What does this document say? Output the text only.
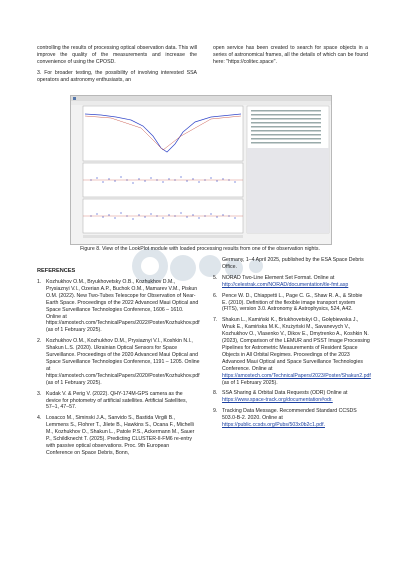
controlling the results of processing optical observation data. This will improve the quality of the measurements and increase the convenience of using the CPOSD.

3. For broader testing, the possibility of involving interested SSA operators and astronomy enthusiasts, an

open service has been created to search for space objects in a series of astronomical frames, all the details of which can be found here: "https://colitec.space".

Figure 8. View of the LookPlot module with loaded processing results from one of the observation nights.
REFERENCES
1. Kozhukhov O.M., Bryukhovetsky O.B., Kozhukhov D.M., Prysiaznyi V.I., Ozerian A.P., Buchok O.M., Mamarev V.M., Piskun O.M. (2022). New Two-Tubes Telescope for Observation of Near-Earth Space. Proceedings of the 2022 Advanced Maui Optical and Space Surveillance Technologies Conference, 1606 – 1610. Online at https://amostech.com/TechnicalPapers/2022/Poster/Kozhukhov.pdf (as of 1 February 2025).
2. Kozhukhov O.M., Kozhukhov D.M., Prysiaznyi V.I., Koshkin N.I., Shakun L.S. (2020). Ukrainian Optical Sensors for Space Surveillance. Proceedings of the 2020 Advanced Maui Optical and Space Surveillance Technologies Conference, 1191 – 1205. Online at https://amostech.com/TechnicalPapers/2020/Poster/Kozhukhov.pdf (as of 1 February 2025).
3. Kudak V. & Perig V. (2022). QHY-174M-GPS camera as the device for photometry of artificial satellites. Artificial Satellites, 57–1, 47–57.
4. Losacco M., Siminski J.A., Sanvido S., Bastida Virgili B., Lemmens S., Flohrer T., Jilete B., Hawkins S., Ocana F., Michelli M., Kozhukhov O., Shakun L., Patole P.S., Ackermann M., Sauer P., Schildknecht T. (2025). Predicting CLUSTER-II-FM6 re-entry with passive optical observations. Proc. 9th European Conference on Space Debris, Bonn,
Germany, 1–4 April 2025, published by the ESA Space Debris Office.
5. NORAD Two-Line Element Set Format. Online at http://celestrak.com/NORAD/documentation/tle-fmt.asp
6. Pence W. D., Chiappetti L., Page C. G., Shaw R. A., & Stobie E. (2010). Definition of the flexible image transport system (FITS), version 3.0. Astronomy & Astrophysics, 524, A42.
7. Shakun L., Kamiński K., Briukhovetskyi O., Gołębiewska J., Wnuk E., Kamińska M.K., Krużyński M., Savanevych V., Kozhukhov O., Vlasenko V., Dikov E., Dmytrenko A., Koshkin N. (2023), Comparison of the LEMUR and PSST Image Processing Pipelines for Astrometric Measurements of Resident Space Objects in All Orbital Regimes. Proceedings of the 2023 Advanced Maui Optical and Space Surveillance Technologies Conference. Online at https://amostech.com/TechnicalPapers/2023/Poster/Shakun2.pdf (as of 1 February 2025).
8. SSA Sharing & Orbital Data Requests (ODR) Online at https://www.space-track.org/documentation#odr.
9. Tracking Data Message. Recommended Standard CCSDS 503.0-B-2. 2020. Online at https://public.ccsds.org/Pubs/503x0b2c1.pdf.
